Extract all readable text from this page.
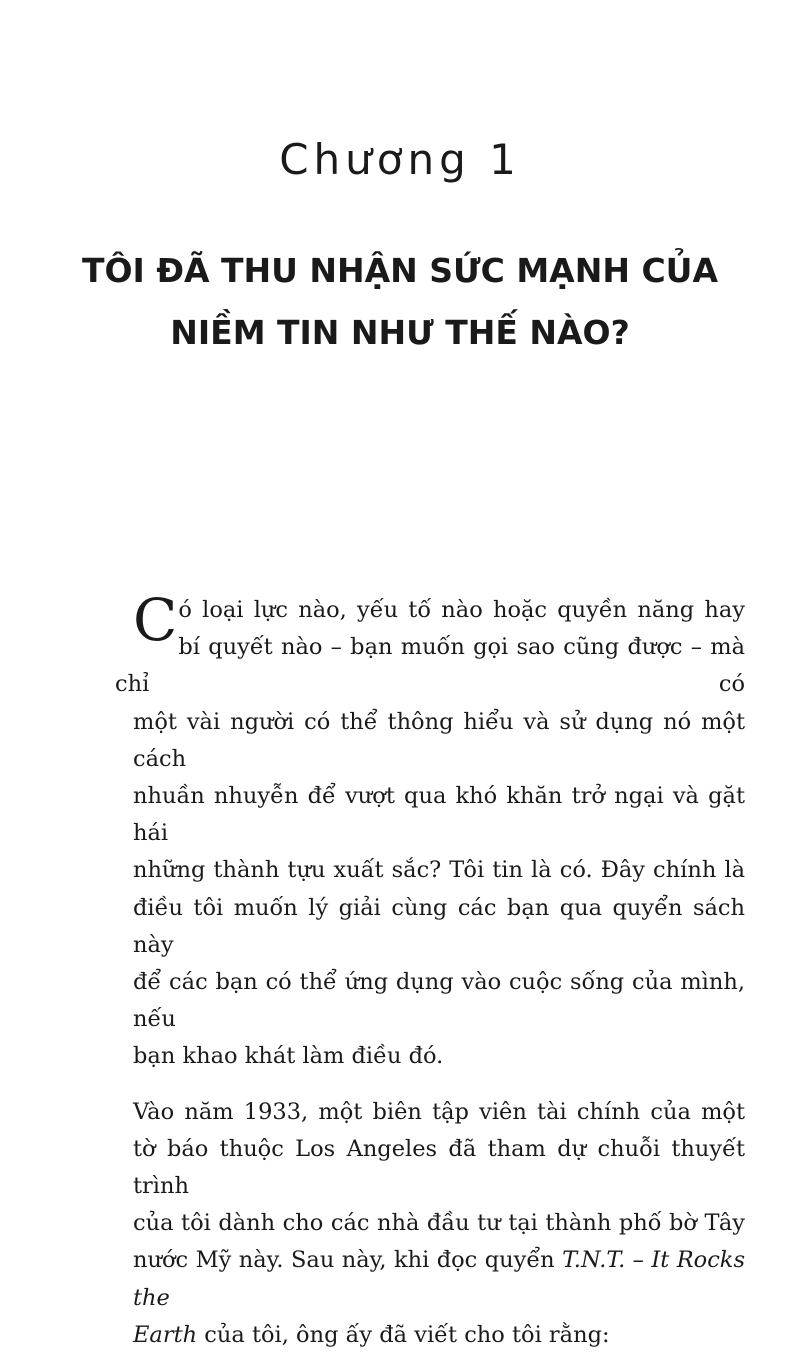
Chương 1
TÔI ĐÃ THU NHẬN SỨC MẠNH CỦA
NIỀM TIN NHƯ THẾ NÀO?
C ó loại lực nào, yếu tố nào hoặc quyền năng hay
bí quyết nào – bạn muốn gọi sao cũng được – mà chỉ có
một vài người có thể thông hiểu và sử dụng nó một cách
nhuần nhuyễn để vượt qua khó khăn trở ngại và gặt hái
những thành tựu xuất sắc? Tôi tin là có. Đây chính là
điều tôi muốn lý giải cùng các bạn qua quyển sách này
để các bạn có thể ứng dụng vào cuộc sống của mình, nếu
bạn khao khát làm điều đó.
Vào năm 1933, một biên tập viên tài chính của một
tờ báo thuộc Los Angeles đã tham dự chuỗi thuyết trình
của tôi dành cho các nhà đầu tư tại thành phố bờ Tây
nước Mỹ này. Sau này, khi đọc quyển T.N.T. – It Rocks the
Earth của tôi, ông ấy đã viết cho tôi rằng:
